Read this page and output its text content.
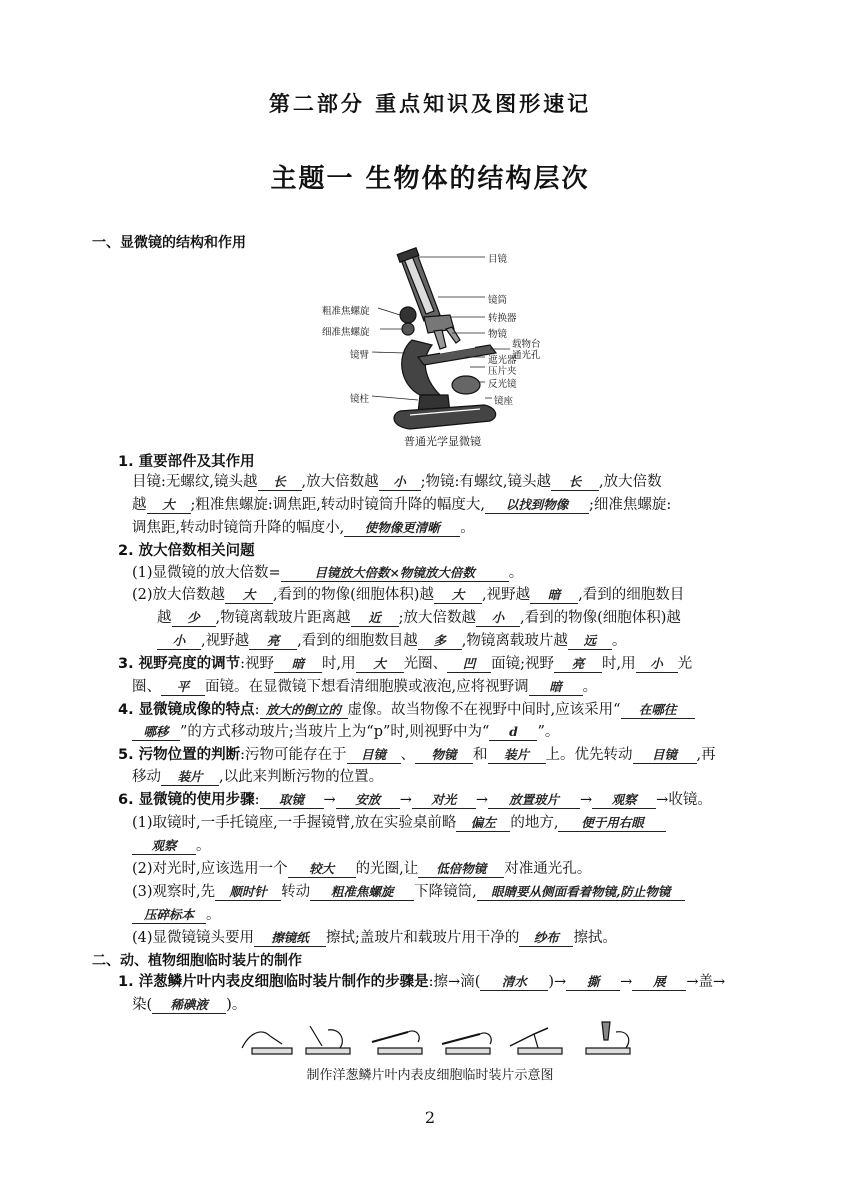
第二部分 重点知识及图形速记
主题一 生物体的结构层次
一、显微镜的结构和作用
目镜
镜筒
转换器
物镜
载物台
通光孔
遮光器
压片夹
反光镜
镜座
粗准焦螺旋
细准焦螺旋
镜臂
镜柱
普通光学显微镜
1. 重要部件及其作用
目镜:无螺纹,镜头越 长 ,放大倍数越 小 ;物镜:有螺纹,镜头越 长 ,放大倍数
越 大 ;粗准焦螺旋:调焦距,转动时镜筒升降的幅度大, 以找到物像 ;细准焦螺旋:
调焦距,转动时镜筒升降的幅度小, 使物像更清晰 。
2. 放大倍数相关问题
(1)显微镜的放大倍数=	目镜放大倍数×物镜放大倍数 。
(2)放大倍数越 大 ,看到的物像(细胞体积)越 大 ,视野越 暗 ,看到的细胞数目
越 少 ,物镜离载玻片距离越 近 ;放大倍数越 小 ,看到的物像(细胞体积)越
小 ,视野越 亮 ,看到的细胞数目越 多 ,物镜离载玻片越 远 。
3. 视野亮度的调节:视野 暗 时,用 大 光圈、 凹 面镜;视野 亮 时,用 小 光
圈、 平 面镜。在显微镜下想看清细胞膜或液泡,应将视野调 暗 。
4. 显微镜成像的特点: 放大的倒立的 虚像。故当物像不在视野中间时,应该采用“ 在哪往
哪移 ”的方式移动玻片;当玻片上为“p”时,则视野中为“ d ”。
5. 污物位置的判断:污物可能存在于 目镜 、 物镜 和 装片 上。优先转动 目镜 ,再
移动 装片 ,以此来判断污物的位置。
6. 显微镜的使用步骤: 取镜 → 安放 → 对光 → 放置玻片 → 观察 →收镜。
(1)取镜时,一手托镜座,一手握镜臂,放在实验桌前略 偏左 的地方, 便于用右眼
观察 。
(2)对光时,应该选用一个 较大 的光圈,让 低倍物镜 对准通光孔。
(3)观察时,先 顺时针 转动 粗准焦螺旋 下降镜筒, 眼睛要从侧面看着物镜,防止物镜
压碎标本 。
(4)显微镜镜头要用 擦镜纸 擦拭;盖玻片和载玻片用干净的 纱布 擦拭。
二、动、植物细胞临时装片的制作
1. 洋葱鳞片叶内表皮细胞临时装片制作的步骤是:擦→滴( 清水 )→ 撕 → 展 →盖→
染( 稀碘液 )。
制作洋葱鳞片叶内表皮细胞临时装片示意图
2
